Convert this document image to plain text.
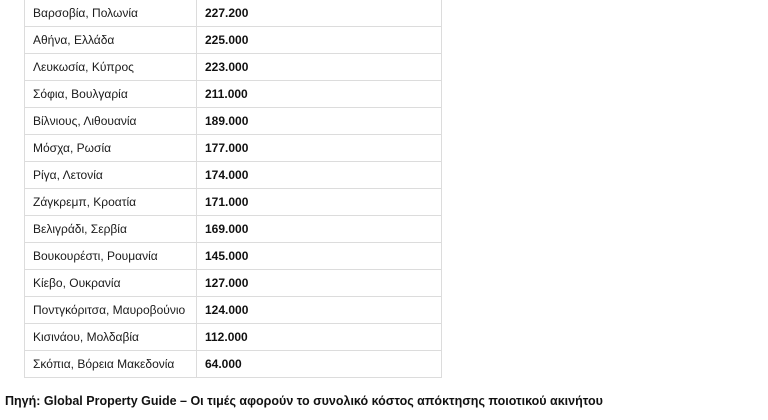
Βαρσοβία, Πολωνία	227.200
Αθήνα, Ελλάδα	225.000
Λευκωσία, Κύπρος	223.000
Σόφια, Βουλγαρία	211.000
Βίλνιους, Λιθουανία	189.000
Μόσχα, Ρωσία	177.000
Ρίγα, Λετονία	174.000
Ζάγκρεμπ, Κροατία	171.000
Βελιγράδι, Σερβία	169.000
Βουκουρέστι, Ρουμανία	145.000
Κίεβο, Ουκρανία	127.000
Ποντγκόριτσα, Μαυροβούνιο	124.000
Κισινάου, Μολδαβία	112.000
Σκόπια, Βόρεια Μακεδονία	64.000
Πηγή: Global Property Guide – Οι τιμές αφορούν το συνολικό κόστος απόκτησης ποιοτικού ακινήτου
